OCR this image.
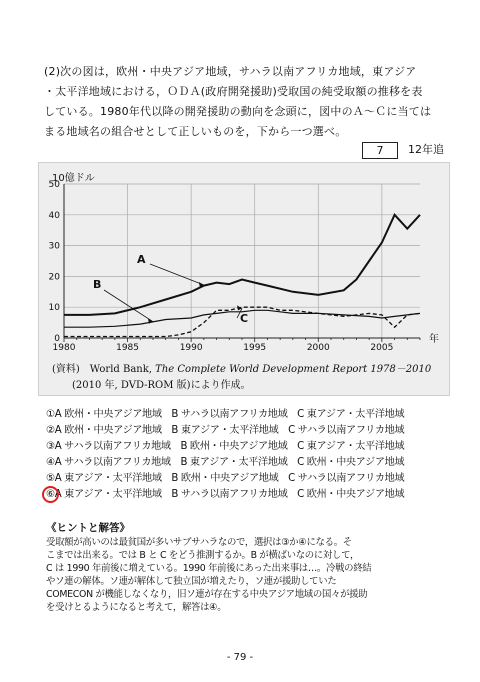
(2)次の図は，欧州・中央アジア地域，サハラ以南アフリカ地域，東アジア
・太平洋地域における，ＯＤＡ(政府開発援助)受取国の純受取額の推移を表
している。1980年代以降の開発援助の動向を念頭に，図中のＡ～Ｃに当ては
まる地域名の組合せとして正しいものを，下から一つ選べ。
7	12年追
10億ドル
年
1980	1985	1990	1995	2000	2005
0
10
20
30
40
50
A
B
C
(資料)　World Bank, The Complete World Development Report 1978－2010
(2010 年, DVD-ROM 版)により作成。
①A 欧州・中央アジア地域　B サハラ以南アフリカ地域　C 東アジア・太平洋地域
②A 欧州・中央アジア地域　B 東アジア・太平洋地域　C サハラ以南アフリカ地域
③A サハラ以南アフリカ地域　B 欧州・中央アジア地域　C 東アジア・太平洋地域
④A サハラ以南アフリカ地域　B 東アジア・太平洋地域　C 欧州・中央アジア地域
⑤A 東アジア・太平洋地域　B 欧州・中央アジア地域　C サハラ以南アフリカ地域
⑥A 東アジア・太平洋地域　B サハラ以南アフリカ地域　C 欧州・中央アジア地域
《ヒントと解答》
受取額が高いのは最貧国が多いサブサハラなので，選択は③か④になる。そ
こまでは出来る。では B と C をどう推測するか。B が横ばいなのに対して，
C は 1990 年前後に増えている。1990 年前後にあった出来事は…。冷戦の終結
やソ連の解体。ソ連が解体して独立国が増えたり，ソ連が援助していた
COMECON が機能しなくなり，旧ソ連が存在する中央アジア地域の国々が援助
を受けとるようになると考えて，解答は④。
- 79 -
